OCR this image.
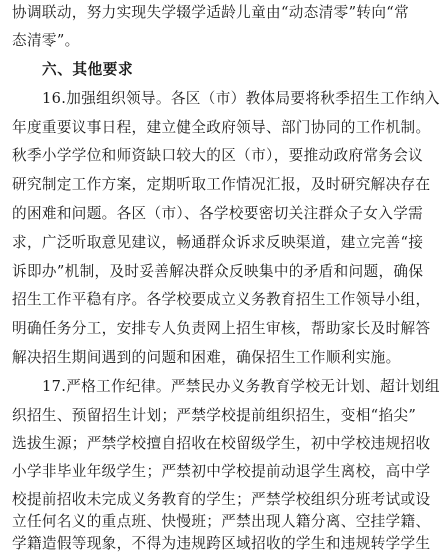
协调联动，努力实现失学辍学适龄儿童由“动态清零”转向“常
态清零”。
六、其他要求
16.加强组织领导。各区（市）教体局要将秋季招生工作纳入
年度重要议事日程，建立健全政府领导、部门协同的工作机制。
秋季小学学位和师资缺口较大的区（市），要推动政府常务会议
研究制定工作方案，定期听取工作情况汇报，及时研究解决存在
的困难和问题。各区（市）、各学校要密切关注群众子女入学需
求，广泛听取意见建议，畅通群众诉求反映渠道，建立完善“接
诉即办”机制，及时妥善解决群众反映集中的矛盾和问题，确保
招生工作平稳有序。各学校要成立义务教育招生工作领导小组，
明确任务分工，安排专人负责网上招生审核，帮助家长及时解答
解决招生期间遇到的问题和困难，确保招生工作顺利实施。
17.严格工作纪律。严禁民办义务教育学校无计划、超计划组
织招生、预留招生计划；严禁学校提前组织招生，变相“掐尖”
选拔生源；严禁学校擅自招收在校留级学生，初中学校违规招收
小学非毕业年级学生；严禁初中学校提前动退学生离校，高中学
校提前招收未完成义务教育的学生；严禁学校组织分班考试或设
立任何名义的重点班、快慢班；严禁出现人籍分离、空挂学籍、
学籍造假等现象，不得为违规跨区域招收的学生和违规转学学生
